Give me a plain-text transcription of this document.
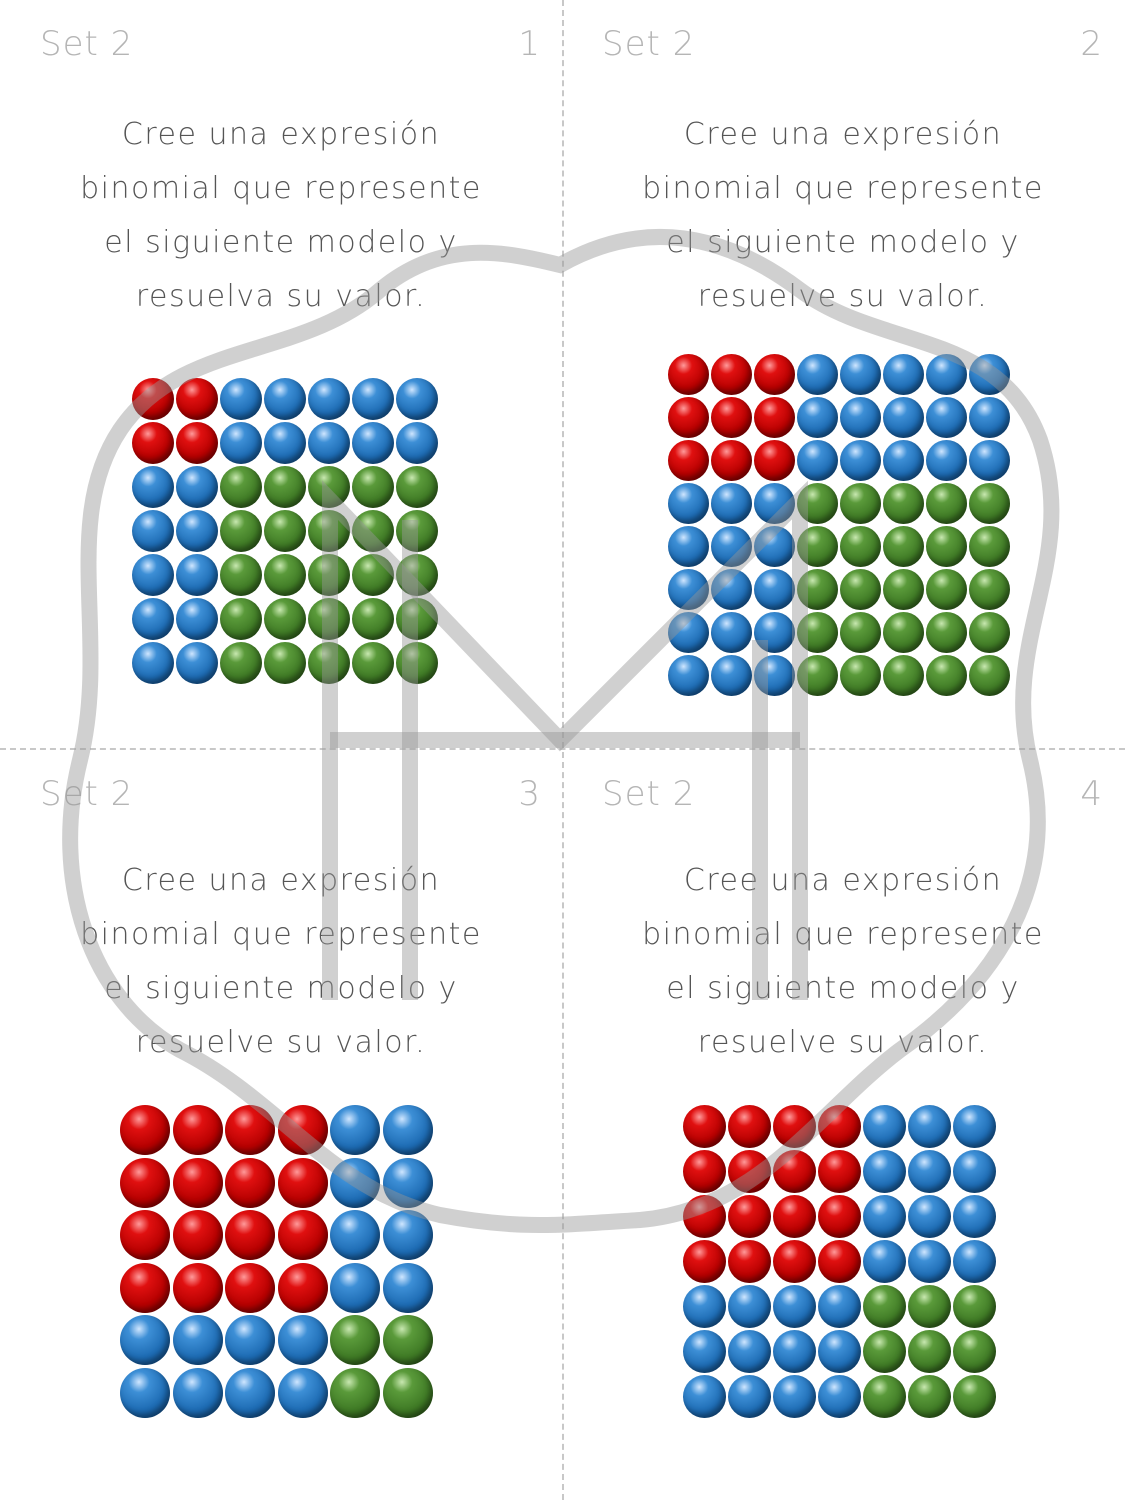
Set 2	1
Cree una expresión
binomial que represente
el siguiente modelo y
resuelva su valor.
Set 2	2
Cree una expresión
binomial que represente
el siguiente modelo y
resuelve su valor.
Set 2	3
Cree una expresión
binomial que represente
el siguiente modelo y
resuelve su valor.
Set 2	4
Cree una expresión
binomial que represente
el siguiente modelo y
resuelve su valor.
